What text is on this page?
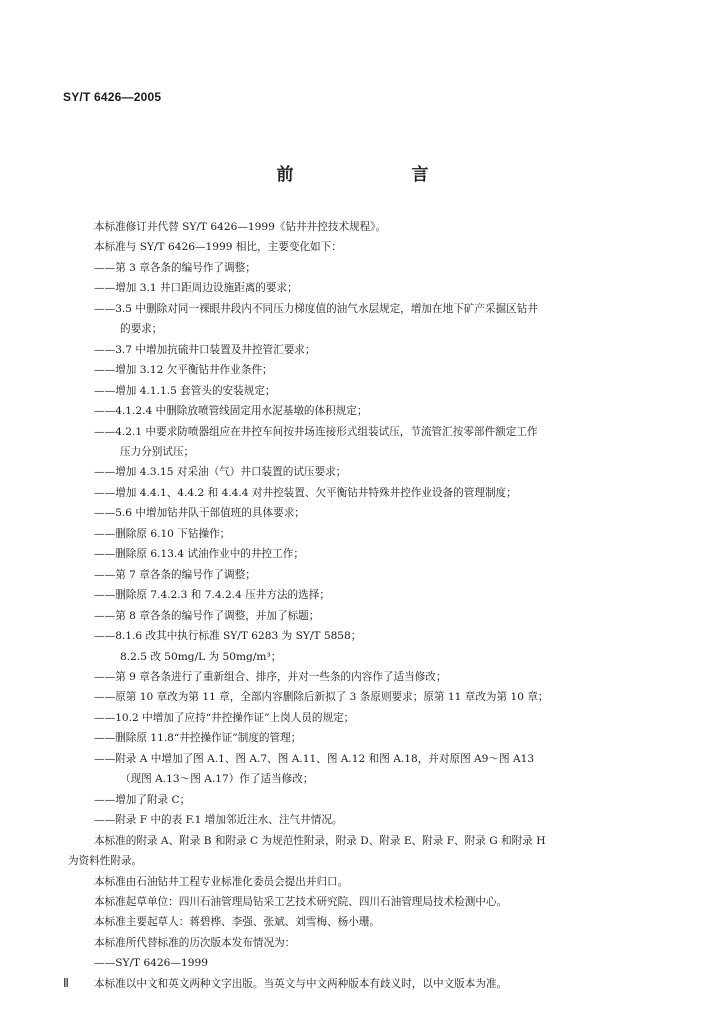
SY/T 6426—2005
前　　言
本标准修订并代替 SY/T 6426—1999《钻井井控技术规程》。
本标准与 SY/T 6426—1999 相比，主要变化如下：
——第 3 章各条的编号作了调整；
——增加 3.1 井口距周边设施距离的要求；
——3.5 中删除对同一裸眼井段内不同压力梯度值的油气水层规定，增加在地下矿产采掘区钻井
的要求；
——3.7 中增加抗硫井口装置及井控管汇要求；
——增加 3.12 欠平衡钻井作业条件；
——增加 4.1.1.5 套管头的安装规定；
——4.1.2.4 中删除放喷管线固定用水泥基墩的体积规定；
——4.2.1 中要求防喷器组应在井控车间按井场连接形式组装试压，节流管汇按零部件额定工作
压力分别试压；
——增加 4.3.15 对采油（气）井口装置的试压要求；
——增加 4.4.1、4.4.2 和 4.4.4 对井控装置、欠平衡钻井特殊井控作业设备的管理制度；
——5.6 中增加钻井队干部值班的具体要求；
——删除原 6.10 下钻操作；
——删除原 6.13.4 试油作业中的井控工作；
——第 7 章各条的编号作了调整；
——删除原 7.4.2.3 和 7.4.2.4 压井方法的选择；
——第 8 章各条的编号作了调整，并加了标题；
——8.1.6 改其中执行标准 SY/T 6283 为 SY/T 5858；
8.2.5 改 50mg/L 为 50mg/m³；
——第 9 章各条进行了重新组合、排序，并对一些条的内容作了适当修改；
——原第 10 章改为第 11 章，全部内容删除后新拟了 3 条原则要求；原第 11 章改为第 10 章；
——10.2 中增加了应持“井控操作证”上岗人员的规定；
——删除原 11.8“井控操作证”制度的管理；
——附录 A 中增加了图 A.1、图 A.7、图 A.11、图 A.12 和图 A.18，并对原图 A9～图 A13
（现图 A.13～图 A.17）作了适当修改；
——增加了附录 C；
——附录 F 中的表 F.1 增加邻近注水、注气井情况。
本标准的附录 A、附录 B 和附录 C 为规范性附录，附录 D、附录 E、附录 F、附录 G 和附录 H
为资料性附录。
本标准由石油钻井工程专业标准化委员会提出并归口。
本标准起草单位：四川石油管理局钻采工艺技术研究院、四川石油管理局技术检测中心。
本标准主要起草人：蒋碧桦、李强、张斌、刘雪梅、杨小珊。
本标准所代替标准的历次版本发布情况为：
——SY/T 6426—1999
本标准以中文和英文两种文字出版。当英文与中文两种版本有歧义时，以中文版本为准。
Ⅱ
